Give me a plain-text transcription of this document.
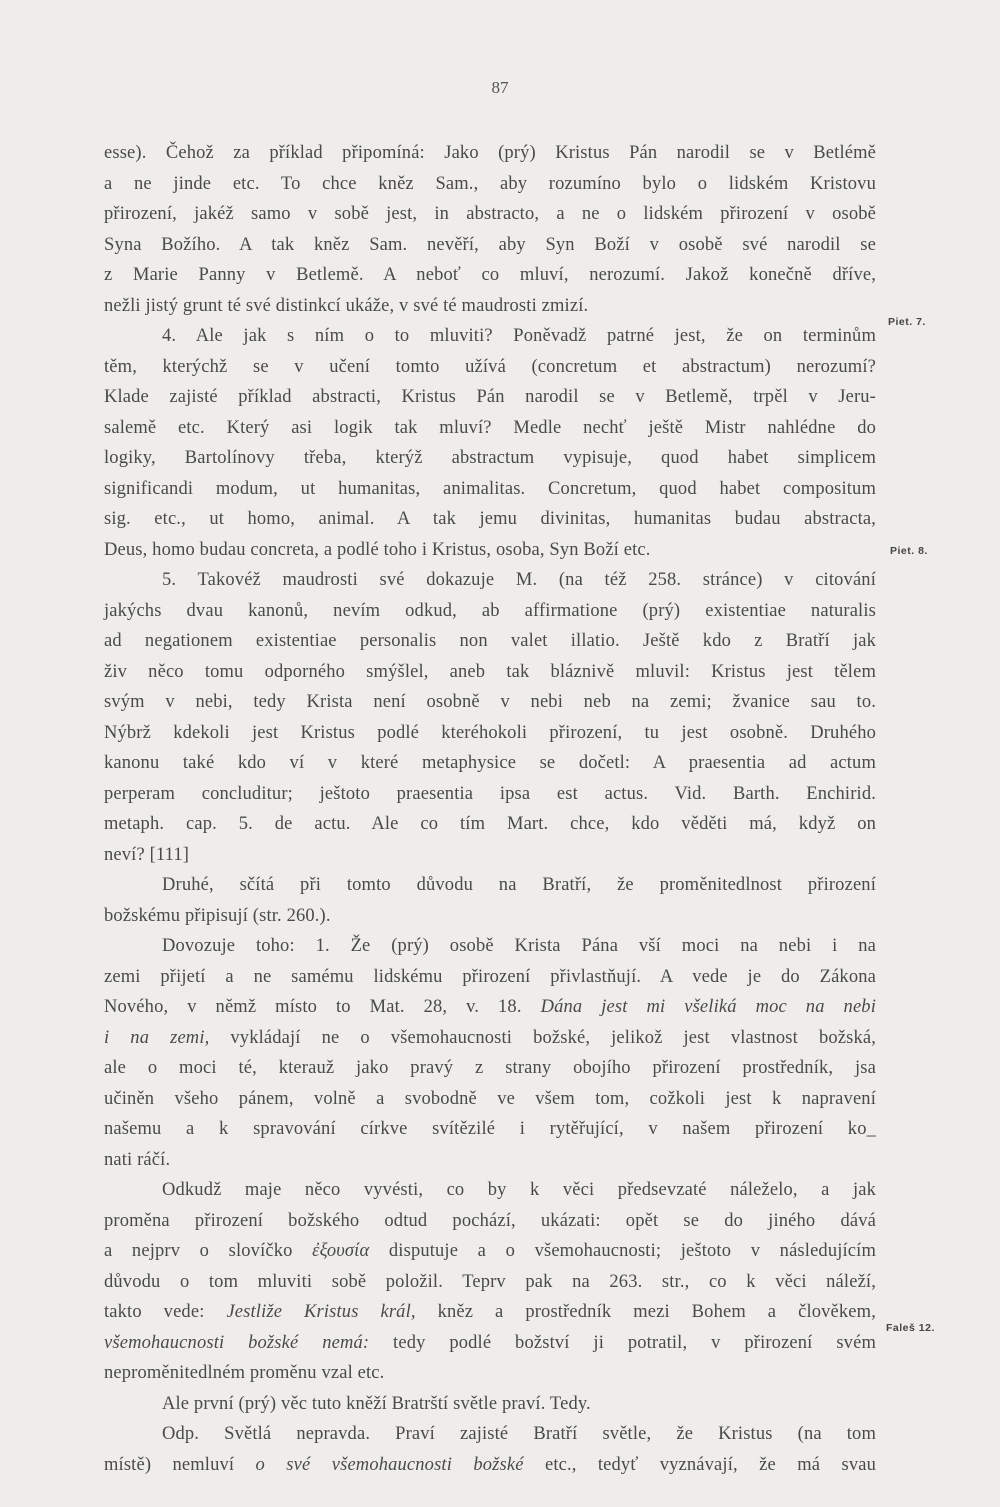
87
esse). Čehož za příklad připomíná: Jako (prý) Kristus Pán narodil se v Betlémě
a ne jinde etc. To chce kněz Sam., aby rozumíno bylo o lidském Kristovu
přirození, jakéž samo v sobě jest, in abstracto, a ne o lidském přirození v osobě
Syna Božího. A tak kněz Sam. nevěří, aby Syn Boží v osobě své narodil se
z Marie Panny v Betlemě. A neboť co mluví, nerozumí. Jakož konečně dříve,
nežli jistý grunt té své distinkcí ukáže, v své té maudrosti zmizí.
4. Ale jak s ním o to mluviti? Poněvadž patrné jest, že on terminům
těm, kterýchž se v učení tomto užívá (concretum et abstractum) nerozumí?
Klade zajisté příklad abstracti, Kristus Pán narodil se v Betlemě, trpěl v Jeru-
salemě etc. Který asi logik tak mluví? Medle nechť ještě Mistr nahlédne do
logiky, Bartolínovy třeba, kterýž abstractum vypisuje, quod habet simplicem
significandi modum, ut humanitas, animalitas. Concretum, quod habet compositum
sig. etc., ut homo, animal. A tak jemu divinitas, humanitas budau abstracta,
Deus, homo budau concreta, a podlé toho i Kristus, osoba, Syn Boží etc.
5. Takovéž maudrosti své dokazuje M. (na též 258. stránce) v citování
jakýchs dvau kanonů, nevím odkud, ab affirmatione (prý) existentiae naturalis
ad negationem existentiae personalis non valet illatio. Ještě kdo z Bratří jak
živ něco tomu odporného smýšlel, aneb tak bláznivě mluvil: Kristus jest tělem
svým v nebi, tedy Krista není osobně v nebi neb na zemi; žvanice sau to.
Nýbrž kdekoli jest Kristus podlé kteréhokoli přirození, tu jest osobně. Druhého
kanonu také kdo ví v které metaphysice se dočetl: A praesentia ad actum
perperam concluditur; ještoto praesentia ipsa est actus. Vid. Barth. Enchirid.
metaph. cap. 5. de actu. Ale co tím Mart. chce, kdo věděti má, když on
neví? [111]
Druhé, sčítá při tomto důvodu na Bratří, že proměnitedlnost přirození
božskému připisují (str. 260.).
Dovozuje toho: 1. Že (prý) osobě Krista Pána vší moci na nebi i na
zemi přijetí a ne samému lidskému přirození přivlastňují. A vede je do Zákona
Nového, v němž místo to Mat. 28, v. 18. Dána jest mi všeliká moc na nebi
i na zemi, vykládají ne o všemohaucnosti božské, jelikož jest vlastnost božská,
ale o moci té, kterauž jako pravý z strany obojího přirození prostředník, jsa
učiněn všeho pánem, volně a svobodně ve všem tom, cožkoli jest k napravení
našemu a k spravování církve svítězilé i rytěřující, v našem přirození ko_
nati ráčí.
Odkudž maje něco vyvésti, co by k věci předsevzaté náleželo, a jak
proměna přirození božského odtud pochází, ukázati: opět se do jiného dává
a nejprv o slovíčko ἐξουσία disputuje a o všemohaucnosti; ještoto v následujícím
důvodu o tom mluviti sobě položil. Teprv pak na 263. str., co k věci náleží,
takto vede: Jestliže Kristus král, kněz a prostředník mezi Bohem a člověkem,
všemohaucnosti božské nemá: tedy podlé božství ji potratil, v přirození svém
neproměnitedlném proměnu vzal etc.
Ale první (prý) věc tuto kněží Bratrští světle praví. Tedy.
Odp. Světlá nepravda. Praví zajisté Bratří světle, že Kristus (na tom
místě) nemluví o své všemohaucnosti božské etc., tedyť vyznávají, že má svau
Piet. 7.
Piet. 8.
Faleš 12.
